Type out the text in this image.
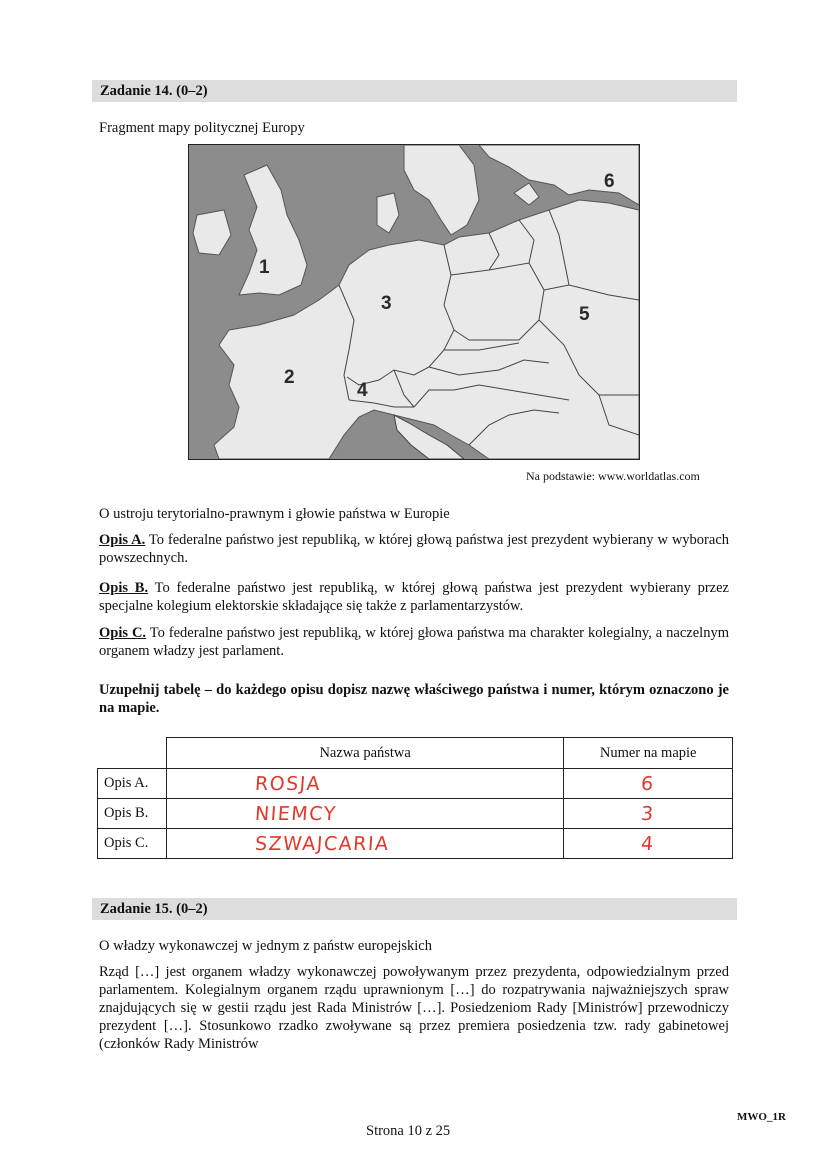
Zadanie 14. (0–2)
Fragment mapy politycznej Europy
1
2
3
4
5
6
Na podstawie: www.worldatlas.com
O ustroju terytorialno-prawnym i głowie państwa w Europie
Opis A. To federalne państwo jest republiką, w której głową państwa jest prezydent wybierany w wyborach powszechnych.
Opis B. To federalne państwo jest republiką, w której głową państwa jest prezydent wybierany przez specjalne kolegium elektorskie składające się także z parlamentarzystów.
Opis C. To federalne państwo jest republiką, w której głowa państwa ma charakter kolegialny, a naczelnym organem władzy jest parlament.
Uzupełnij tabelę – do każdego opisu dopisz nazwę właściwego państwa i numer, którym oznaczono je na mapie.
	Nazwa państwa	Numer na mapie
Opis A.	ROSJA	6
Opis B.	NIEMCY	3
Opis C.	SZWAJCARIA	4
Zadanie 15. (0–2)
O władzy wykonawczej w jednym z państw europejskich
Rząd […] jest organem władzy wykonawczej powoływanym przez prezydenta, odpowiedzialnym przed parlamentem. Kolegialnym organem rządu uprawnionym […] do rozpatrywania najważniejszych spraw znajdujących się w gestii rządu jest Rada Ministrów […]. Posiedzeniom Rady [Ministrów] przewodniczy prezydent […]. Stosunkowo rzadko zwoływane są przez premiera posiedzenia tzw. rady gabinetowej (członków Rady Ministrów
Strona 10 z 25
MWO_1R
